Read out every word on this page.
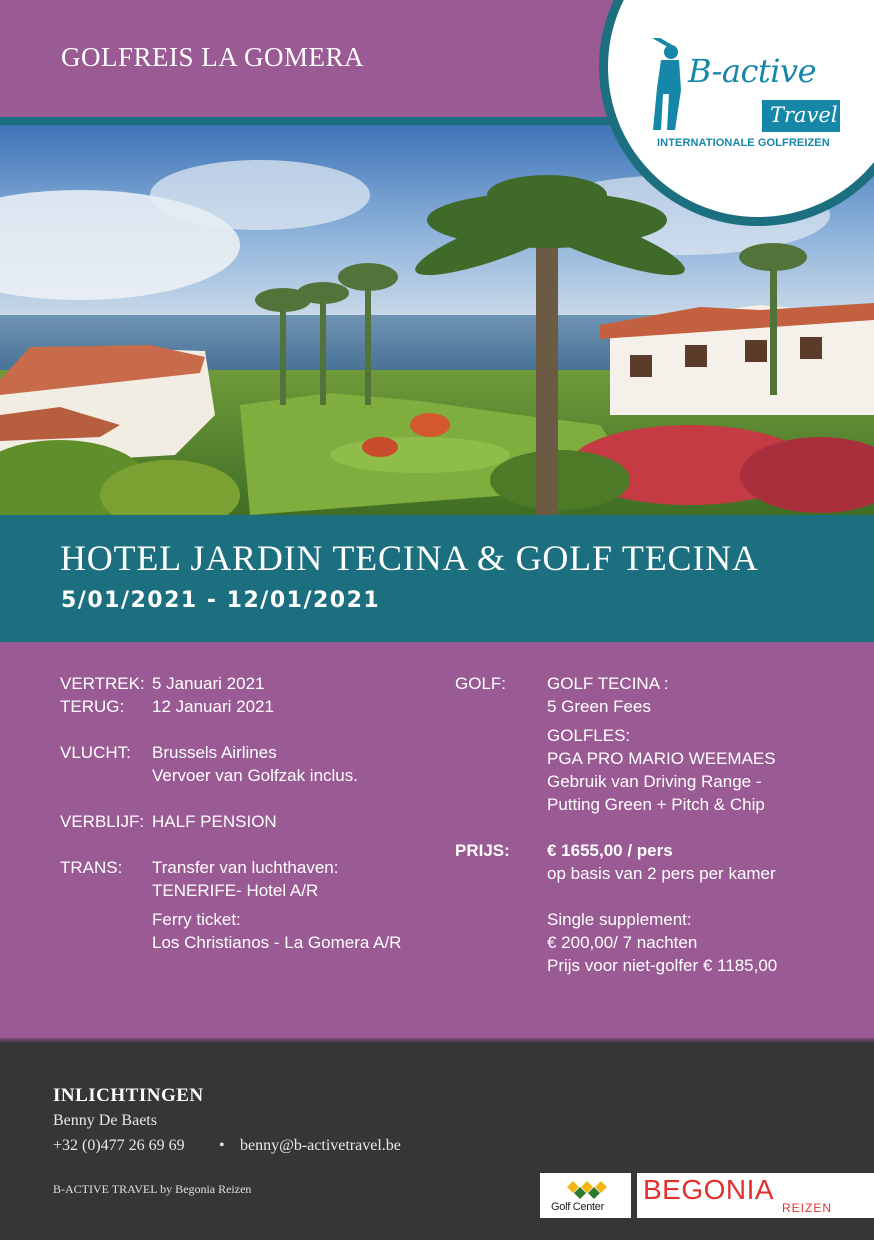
GOLFREIS LA GOMERA	B-active
Travel
INTERNATIONALE GOLFREIZEN
HOTEL JARDIN TECINA & GOLF TECINA
5/01/2021 - 12/01/2021
VERTREK: 5 Januari 2021
TERUG: 12 Januari 2021
VLUCHT: Brussels Airlines
Vervoer van Golfzak inclus.
VERBLIJF: HALF PENSION
TRANS: Transfer van luchthaven:
TENERIFE- Hotel A/R
Ferry ticket:
Los Christianos - La Gomera A/R
GOLF: GOLF TECINA :
5 Green Fees
GOLFLES:
PGA PRO MARIO WEEMAES
Gebruik van Driving Range -
Putting Green + Pitch & Chip
PRIJS: € 1655,00 / pers
op basis van 2 pers per kamer
Single supplement:
€ 200,00/ 7 nachten
Prijs voor niet-golfer € 1185,00
INLICHTINGEN
Benny De Baets
+32 (0)477 26 69 69 • benny@b-activetravel.be
B-ACTIVE TRAVEL by Begonia Reizen
Golf Center
BEGONIA
REIZEN
